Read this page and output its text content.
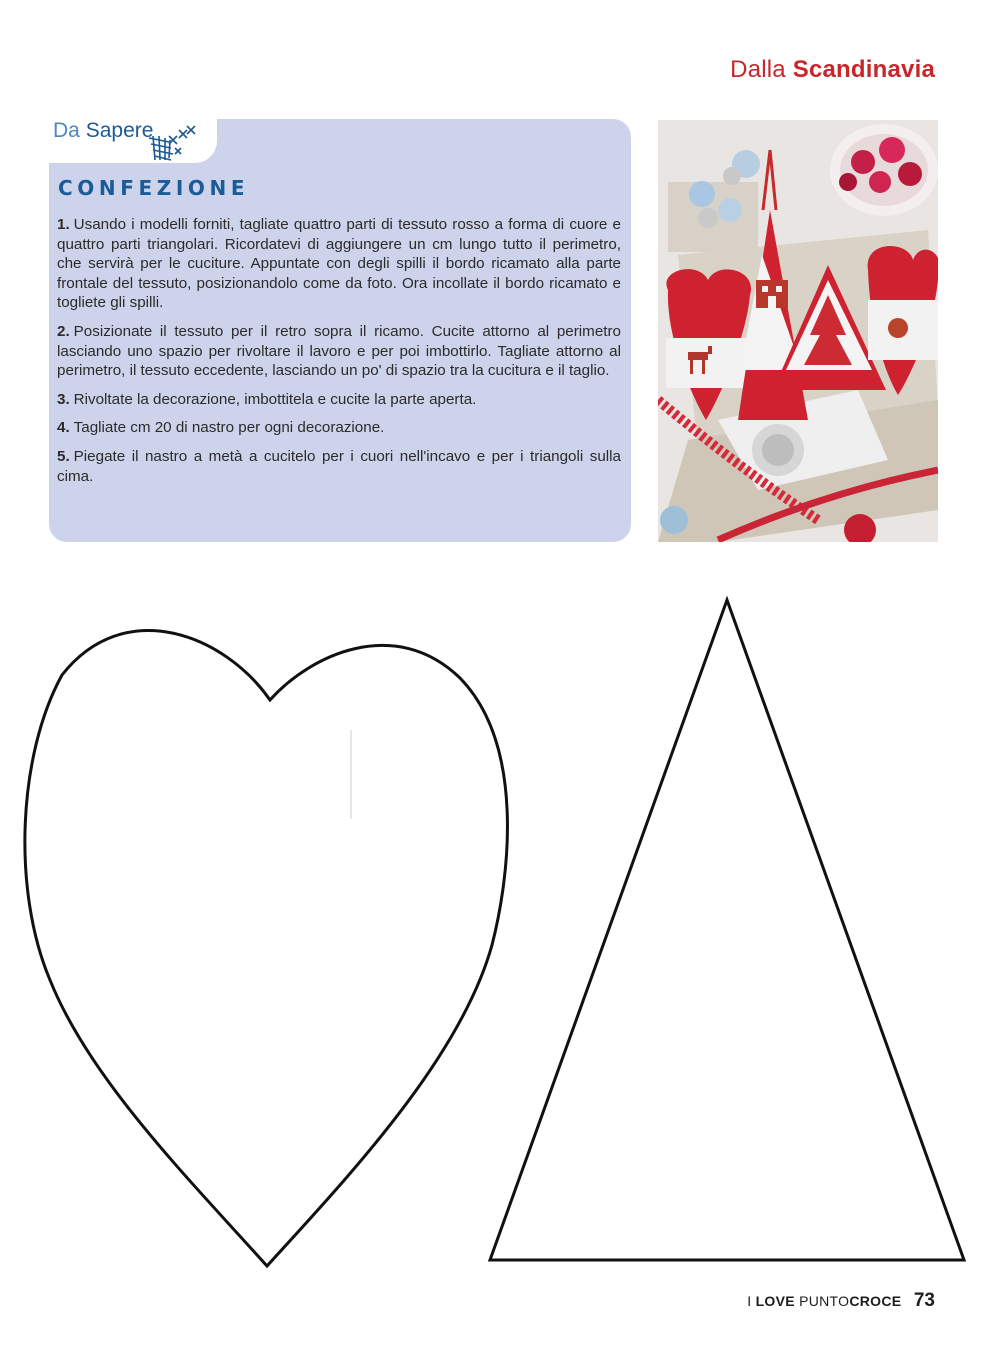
Dalla Scandinavia
Da Sapere
CONFEZIONE

1. Usando i modelli forniti, tagliate quattro parti di tessuto rosso a forma di cuore e quattro parti triangolari. Ricordatevi di aggiungere un cm lungo tutto il perimetro, che servirà per le cuciture. Appuntate con degli spilli il bordo ricamato alla parte frontale del tessuto, posizionandolo come da foto. Ora incollate il bordo ricamato e togliete gli spilli.

2. Posizionate il tessuto per il retro sopra il ricamo. Cucite attorno al perimetro lasciando uno spazio per rivoltare il lavoro e per poi imbottirlo. Tagliate attorno al perimetro, il tessuto eccedente, lasciando un po' di spazio tra la cucitura e il taglio.

3. Rivoltate la decorazione, imbottitela e cucite la parte aperta.

4. Tagliate cm 20 di nastro per ogni decorazione.

5. Piegate il nastro a metà a cucitelo per i cuori nell'incavo e per i triangoli sulla cima.

I LOVE PUNTOCROCE 73
